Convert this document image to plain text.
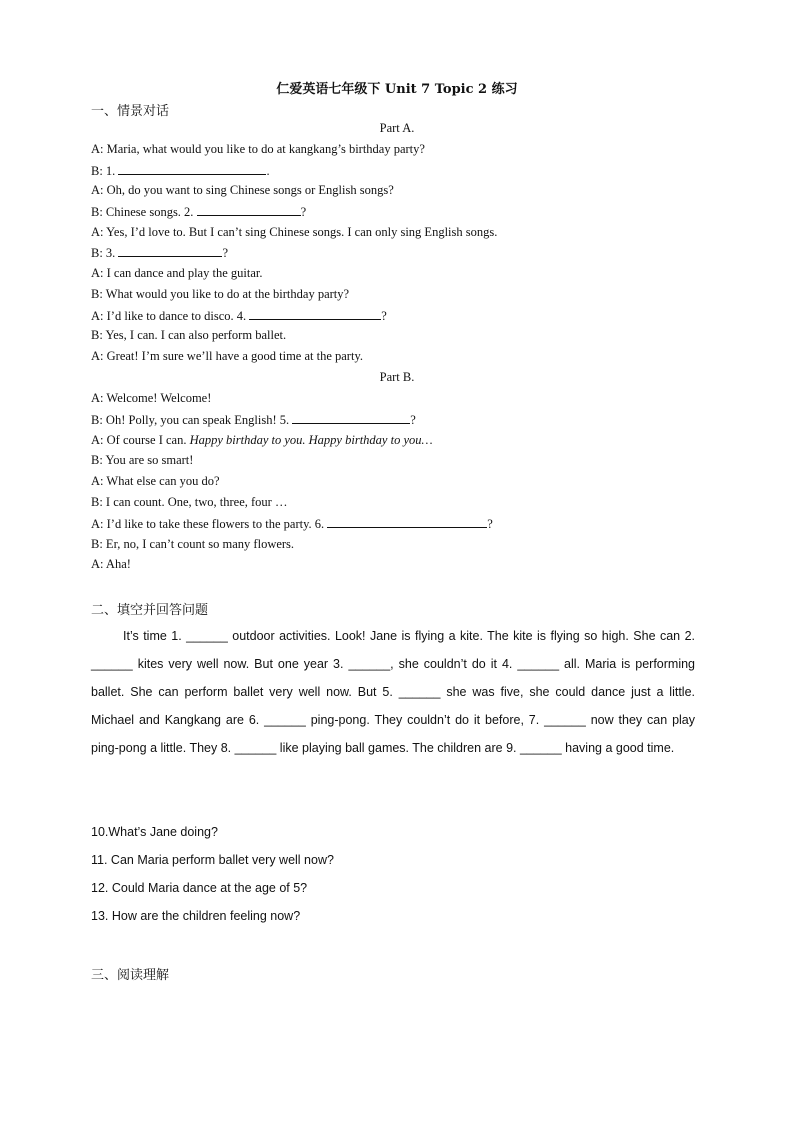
仁爱英语七年级下 Unit 7 Topic 2 练习
一、情景对话
Part A.
A: Maria, what would you like to do at kangkang’s birthday party?
B: 1.	.
A: Oh, do you want to sing Chinese songs or English songs?
B: Chinese songs. 2.	?
A: Yes, I’d love to. But I can’t sing Chinese songs. I can only sing English songs.
B: 3.	?
A: I can dance and play the guitar.
B: What would you like to do at the birthday party?
A: I’d like to dance to disco. 4.	?
B: Yes, I can. I can also perform ballet.
A: Great! I’m sure we’ll have a good time at the party.
Part B.
A: Welcome! Welcome!
B: Oh! Polly, you can speak English! 5.	?
A: Of course I can. Happy birthday to you. Happy birthday to you…
B: You are so smart!
A: What else can you do?
B: I can count. One, two, three, four …
A: I’d like to take these flowers to the party. 6.	?
B: Er, no, I can’t count so many flowers.
A: Aha!
二、填空并回答问题

It’s time 1. ______ outdoor activities. Look! Jane is flying a kite. The kite is flying so high. She can 2. ______ kites very well now. But one year 3. ______, she couldn’t do it 4. ______ all. Maria is performing ballet. She can perform ballet very well now. But 5. ______ she was five, she could dance just a little. Michael and Kangkang are 6. ______ ping-pong. They couldn’t do it before, 7. ______ now they can play ping-pong a little. They 8. ______ like playing ball games. The children are 9. ______ having a good time.

10.What’s Jane doing?
11. Can Maria perform ballet very well now?
12. Could Maria dance at the age of 5?
13. How are the children feeling now?
三、阅读理解
